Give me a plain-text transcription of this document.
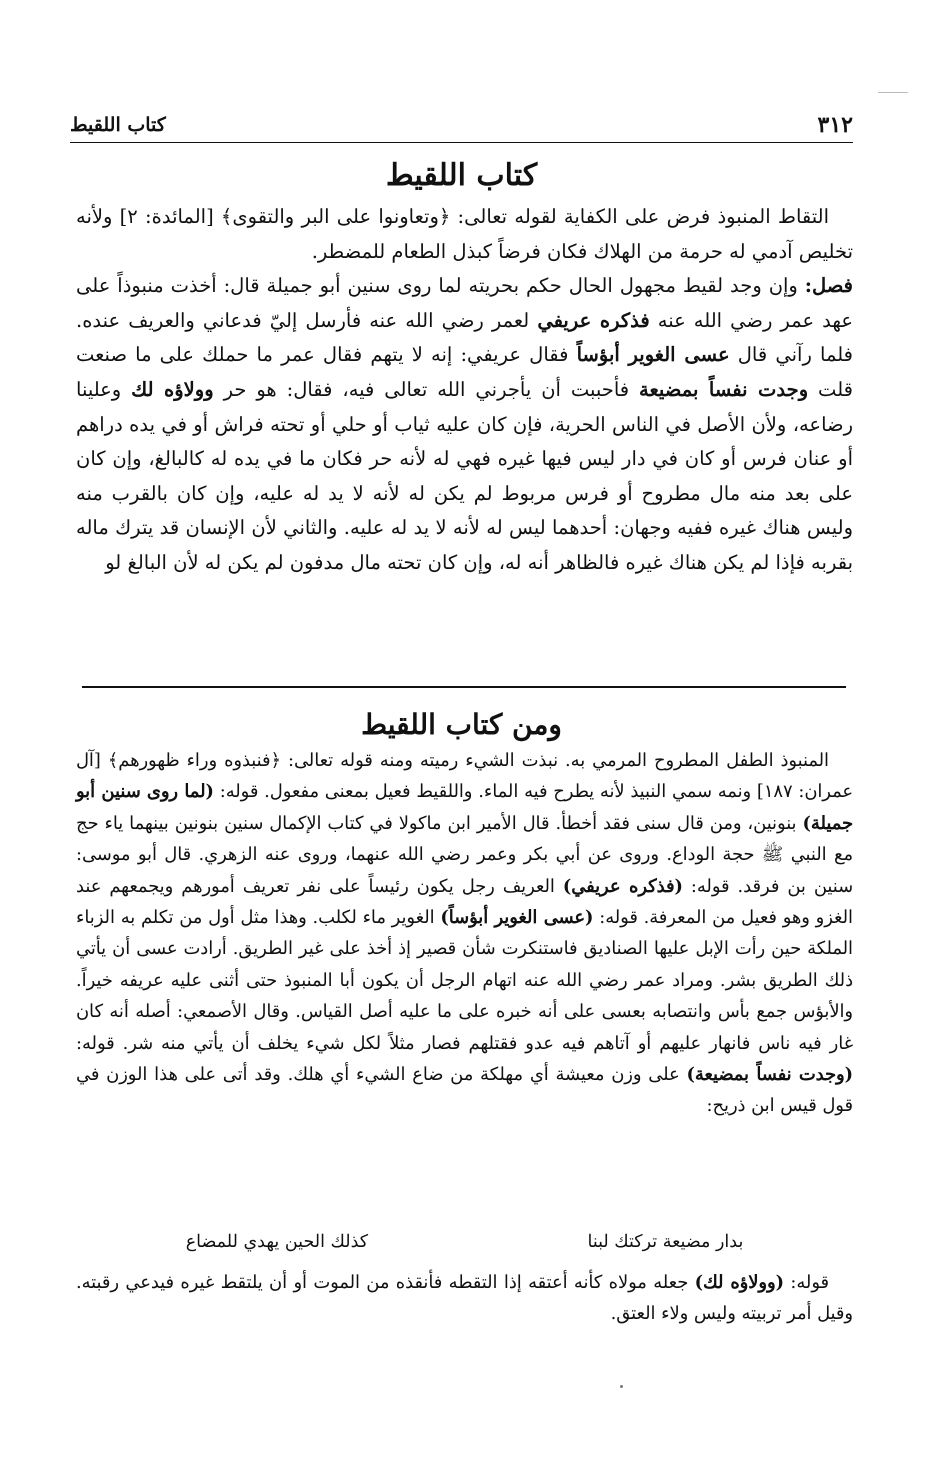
٣١٢
كتاب اللقيط
كتاب اللقيط

التقاط المنبوذ فرض على الكفاية لقوله تعالى: ﴿وتعاونوا على البر والتقوى﴾ [المائدة: ٢] ولأنه تخليص آدمي له حرمة من الهلاك فكان فرضاً كبذل الطعام للمضطر.

فصل: وإن وجد لقيط مجهول الحال حكم بحريته لما روى سنين أبو جميلة قال: أخذت منبوذاً على عهد عمر رضي الله عنه فذكره عريفي لعمر رضي الله عنه فأرسل إليّ فدعاني والعريف عنده. فلما رآني قال عسى الغوير أبؤساً فقال عريفي: إنه لا يتهم فقال عمر ما حملك على ما صنعت قلت وجدت نفساً بمضيعة فأحببت أن يأجرني الله تعالى فيه، فقال: هو حر وولاؤه لك وعلينا رضاعه، ولأن الأصل في الناس الحرية، فإن كان عليه ثياب أو حلي أو تحته فراش أو في يده دراهم أو عنان فرس أو كان في دار ليس فيها غيره فهي له لأنه حر فكان ما في يده له كالبالغ، وإن كان على بعد منه مال مطروح أو فرس مربوط لم يكن له لأنه لا يد له عليه، وإن كان بالقرب منه وليس هناك غيره ففيه وجهان: أحدهما ليس له لأنه لا يد له عليه. والثاني لأن الإنسان قد يترك ماله بقربه فإذا لم يكن هناك غيره فالظاهر أنه له، وإن كان تحته مال مدفون لم يكن له لأن البالغ لو

ومن كتاب اللقيط

المنبوذ الطفل المطروح المرمي به. نبذت الشيء رميته ومنه قوله تعالى: ﴿فنبذوه وراء ظهورهم﴾ [آل عمران: ١٨٧] ونمه سمي النبيذ لأنه يطرح فيه الماء. واللقيط فعيل بمعنى مفعول. قوله: (لما روى سنين أبو جميلة) بنونين، ومن قال سنى فقد أخطأ. قال الأمير ابن ماكولا في كتاب الإكمال سنين بنونين بينهما ياء حج مع النبي ﷺ حجة الوداع. وروى عن أبي بكر وعمر رضي الله عنهما، وروى عنه الزهري. قال أبو موسى: سنين بن فرقد. قوله: (فذكره عريفي) العريف رجل يكون رئيساً على نفر تعريف أمورهم ويجمعهم عند الغزو وهو فعيل من المعرفة. قوله: (عسى الغوير أبؤساً) الغوير ماء لكلب. وهذا مثل أول من تكلم به الزباء الملكة حين رأت الإبل عليها الصناديق فاستنكرت شأن قصير إذ أخذ على غير الطريق. أرادت عسى أن يأتي ذلك الطريق بشر. ومراد عمر رضي الله عنه اتهام الرجل أن يكون أبا المنبوذ حتى أثنى عليه عريفه خيراً. والأبؤس جمع بأس وانتصابه بعسى على أنه خبره على ما عليه أصل القياس. وقال الأصمعي: أصله أنه كان غار فيه ناس فانهار عليهم أو آتاهم فيه عدو فقتلهم فصار مثلاً لكل شيء يخلف أن يأتي منه شر. قوله: (وجدت نفساً بمضيعة) على وزن معيشة أي مهلكة من ضاع الشيء أي هلك. وقد أتى على هذا الوزن في قول قيس ابن ذريح:

بدار مضيعة تركتك لبنا
كذلك الحين يهدي للمضاع

قوله: (وولاؤه لك) جعله مولاه كأنه أعتقه إذا التقطه فأنقذه من الموت أو أن يلتقط غيره فيدعي رقبته. وقيل أمر تربيته وليس ولاء العتق.
